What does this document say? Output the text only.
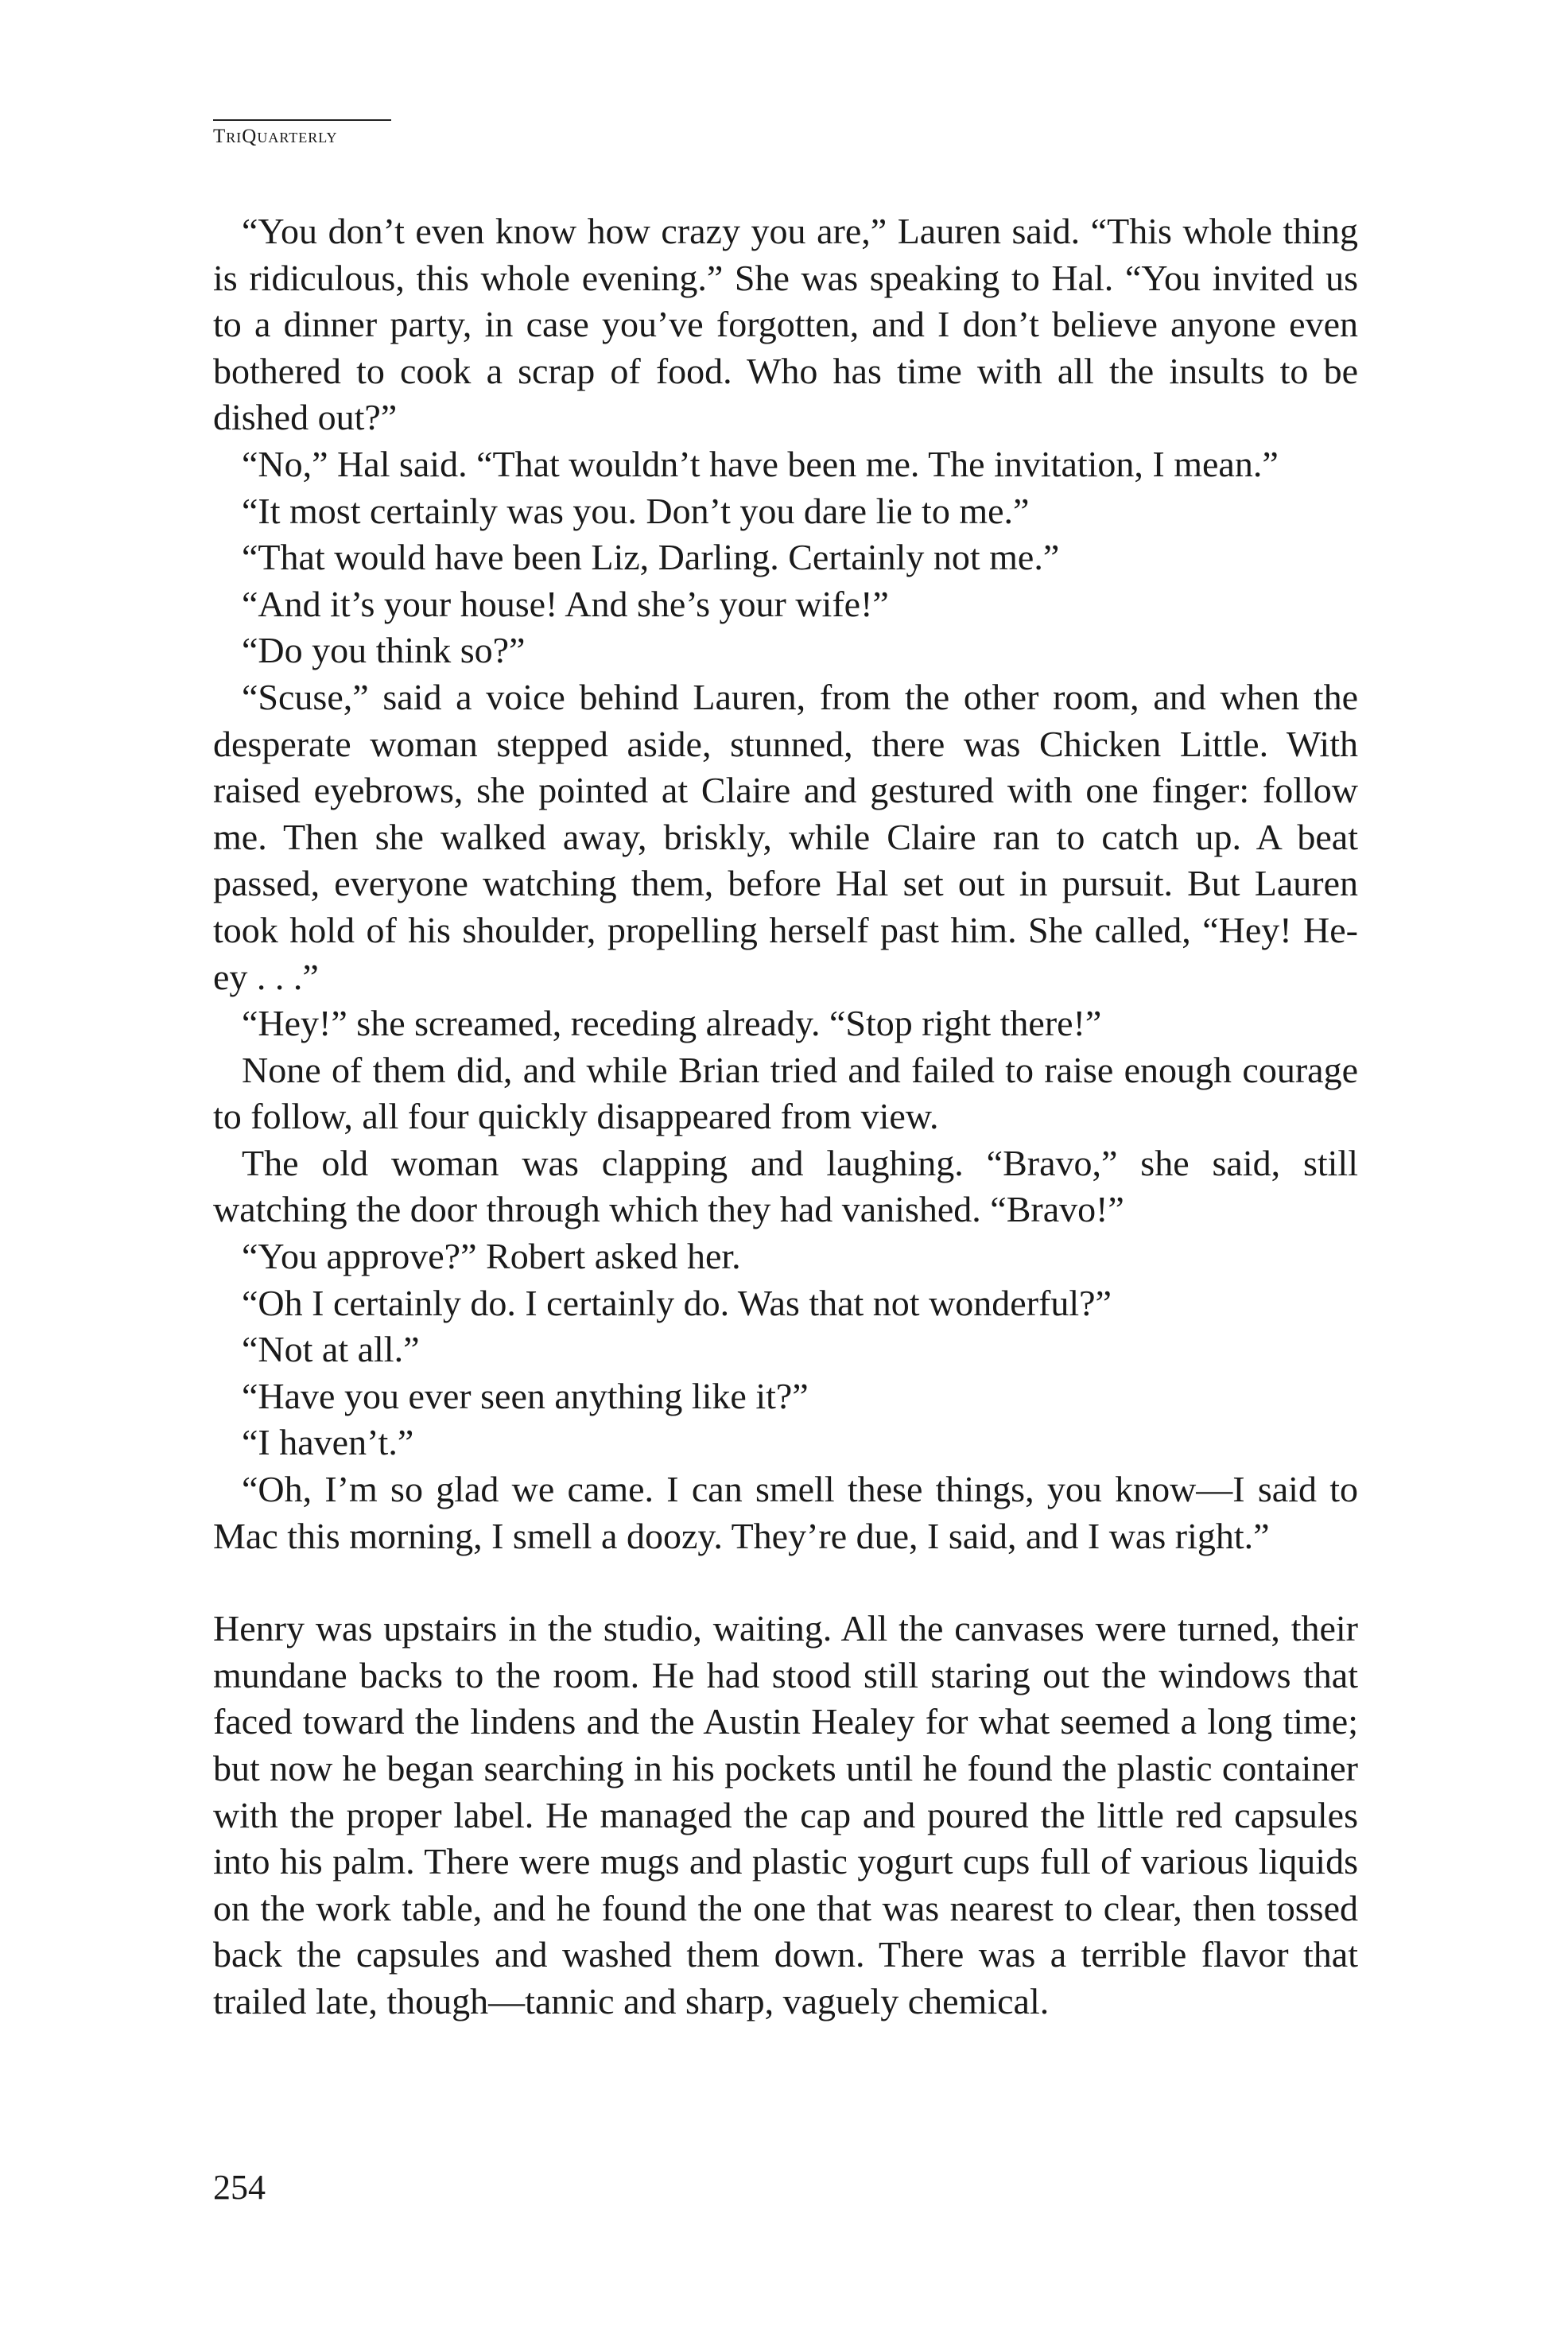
TriQuarterly

“You don’t even know how crazy you are,” Lauren said. “This whole thing is ridiculous, this whole evening.” She was speaking to Hal. “You invited us to a dinner party, in case you’ve forgotten, and I don’t believe anyone even bothered to cook a scrap of food. Who has time with all the insults to be dished out?”

“No,” Hal said. “That wouldn’t have been me. The invitation, I mean.”

“It most certainly was you. Don’t you dare lie to me.”

“That would have been Liz, Darling. Certainly not me.”

“And it’s your house! And she’s your wife!”

“Do you think so?”

“Scuse,” said a voice behind Lauren, from the other room, and when the desperate woman stepped aside, stunned, there was Chicken Little. With raised eyebrows, she pointed at Claire and gestured with one finger: follow me. Then she walked away, briskly, while Claire ran to catch up. A beat passed, everyone watching them, before Hal set out in pursuit. But Lauren took hold of his shoulder, propelling herself past him. She called, “Hey! He-ey . . .”

“Hey!” she screamed, receding already. “Stop right there!”

None of them did, and while Brian tried and failed to raise enough courage to follow, all four quickly disappeared from view.

The old woman was clapping and laughing. “Bravo,” she said, still watching the door through which they had vanished. “Bravo!”

“You approve?” Robert asked her.

“Oh I certainly do. I certainly do. Was that not wonderful?”

“Not at all.”

“Have you ever seen anything like it?”

“I haven’t.”

“Oh, I’m so glad we came. I can smell these things, you know—I said to Mac this morning, I smell a doozy. They’re due, I said, and I was right.”

Henry was upstairs in the studio, waiting. All the canvases were turned, their mundane backs to the room. He had stood still staring out the windows that faced toward the lindens and the Austin Healey for what seemed a long time; but now he began searching in his pockets until he found the plastic container with the proper label. He managed the cap and poured the little red capsules into his palm. There were mugs and plastic yogurt cups full of various liquids on the work table, and he found the one that was nearest to clear, then tossed back the capsules and washed them down. There was a terrible flavor that trailed late, though—tannic and sharp, vaguely chemical.

254
